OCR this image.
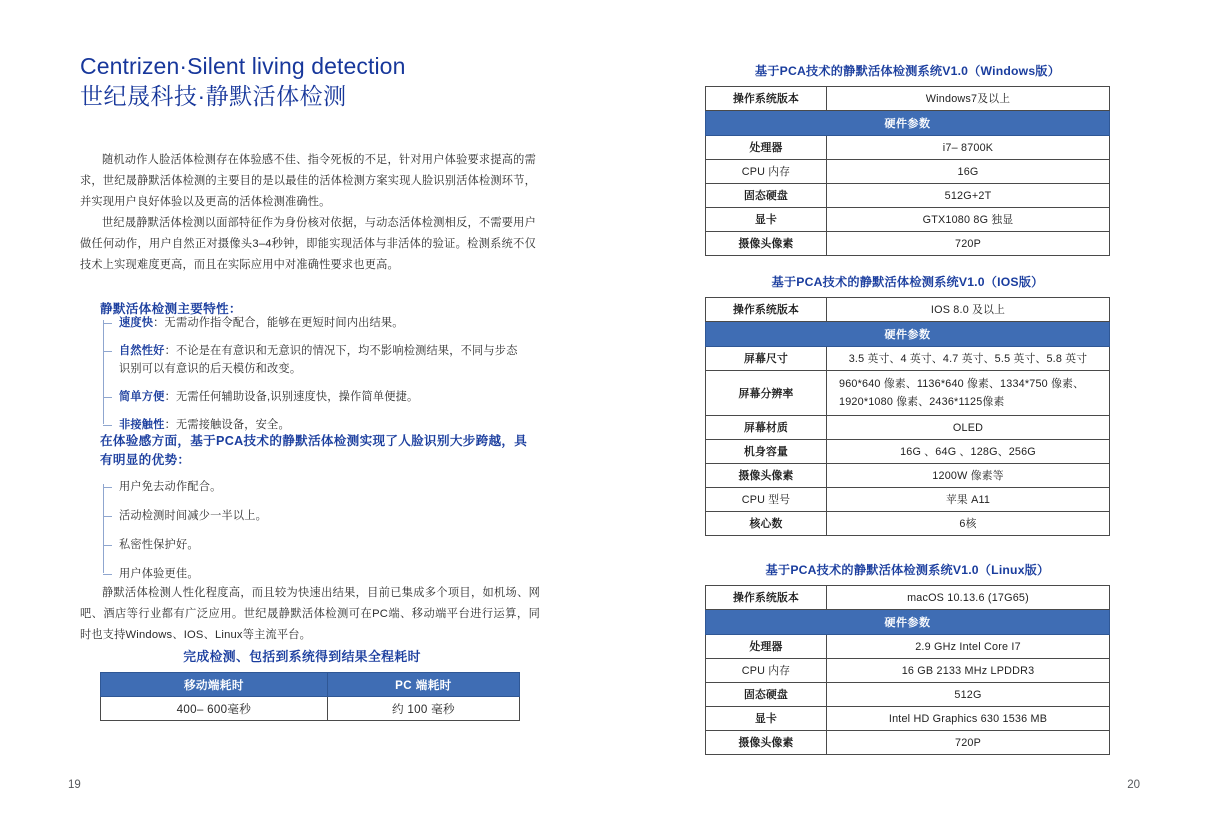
Centrizen·Silent living detection
世纪晟科技·静默活体检测
随机动作人脸活体检测存在体验感不佳、指令死板的不足，针对用户体验要求提高的需求，世纪晟静默活体检测的主要目的是以最佳的活体检测方案实现人脸识别活体检测环节，并实现用户良好体验以及更高的活体检测准确性。
世纪晟静默活体检测以面部特征作为身份核对依据，与动态活体检测相反，不需要用户做任何动作，用户自然正对摄像头3–4秒钟，即能实现活体与非活体的验证。检测系统不仅技术上实现难度更高，而且在实际应用中对准确性要求也更高。
静默活体检测主要特性：
速度快：无需动作指令配合，能够在更短时间内出结果。
自然性好：不论是在有意识和无意识的情况下，均不影响检测结果，不同与步态识别可以有意识的后天模仿和改变。
简单方便：无需任何辅助设备,识别速度快，操作简单便捷。
非接触性：无需接触设备，安全。
在体验感方面，基于PCA技术的静默活体检测实现了人脸识别大步跨越，具有明显的优势：
用户免去动作配合。
活动检测时间减少一半以上。
私密性保护好。
用户体验更佳。
静默活体检测人性化程度高，而且较为快速出结果，目前已集成多个项目，如机场、网吧、酒店等行业都有广泛应用。世纪晟静默活体检测可在PC端、移动端平台进行运算，同时也支持Windows、IOS、Linux等主流平台。
完成检测、包括到系统得到结果全程耗时
移动端耗时	PC 端耗时
400– 600毫秒	约 100 毫秒
19
基于PCA技术的静默活体检测系统V1.0（Windows版）
操作系统版本	Windows7及以上
硬件参数	
处理器	i7– 8700K
CPU 内存	16G
固态硬盘	512G+2T
显卡	GTX1080 8G 独显
摄像头像素	720P
基于PCA技术的静默活体检测系统V1.0（IOS版）
操作系统版本	IOS 8.0 及以上
硬件参数	
屏幕尺寸	3.5 英寸、4 英寸、4.7 英寸、5.5 英寸、5.8 英寸
屏幕分辨率	960*640 像素、1136*640 像素、1334*750 像素、1920*1080 像素、2436*1125像素
屏幕材质	OLED
机身容量	16G 、64G 、128G、256G
摄像头像素	1200W 像素等
CPU 型号	苹果 A11
核心数	6核
基于PCA技术的静默活体检测系统V1.0（Linux版）
操作系统版本	macOS 10.13.6 (17G65)
硬件参数	
处理器	2.9 GHz Intel Core I7
CPU 内存	16 GB 2133 MHz LPDDR3
固态硬盘	512G
显卡	Intel HD Graphics 630 1536 MB
摄像头像素	720P
20
